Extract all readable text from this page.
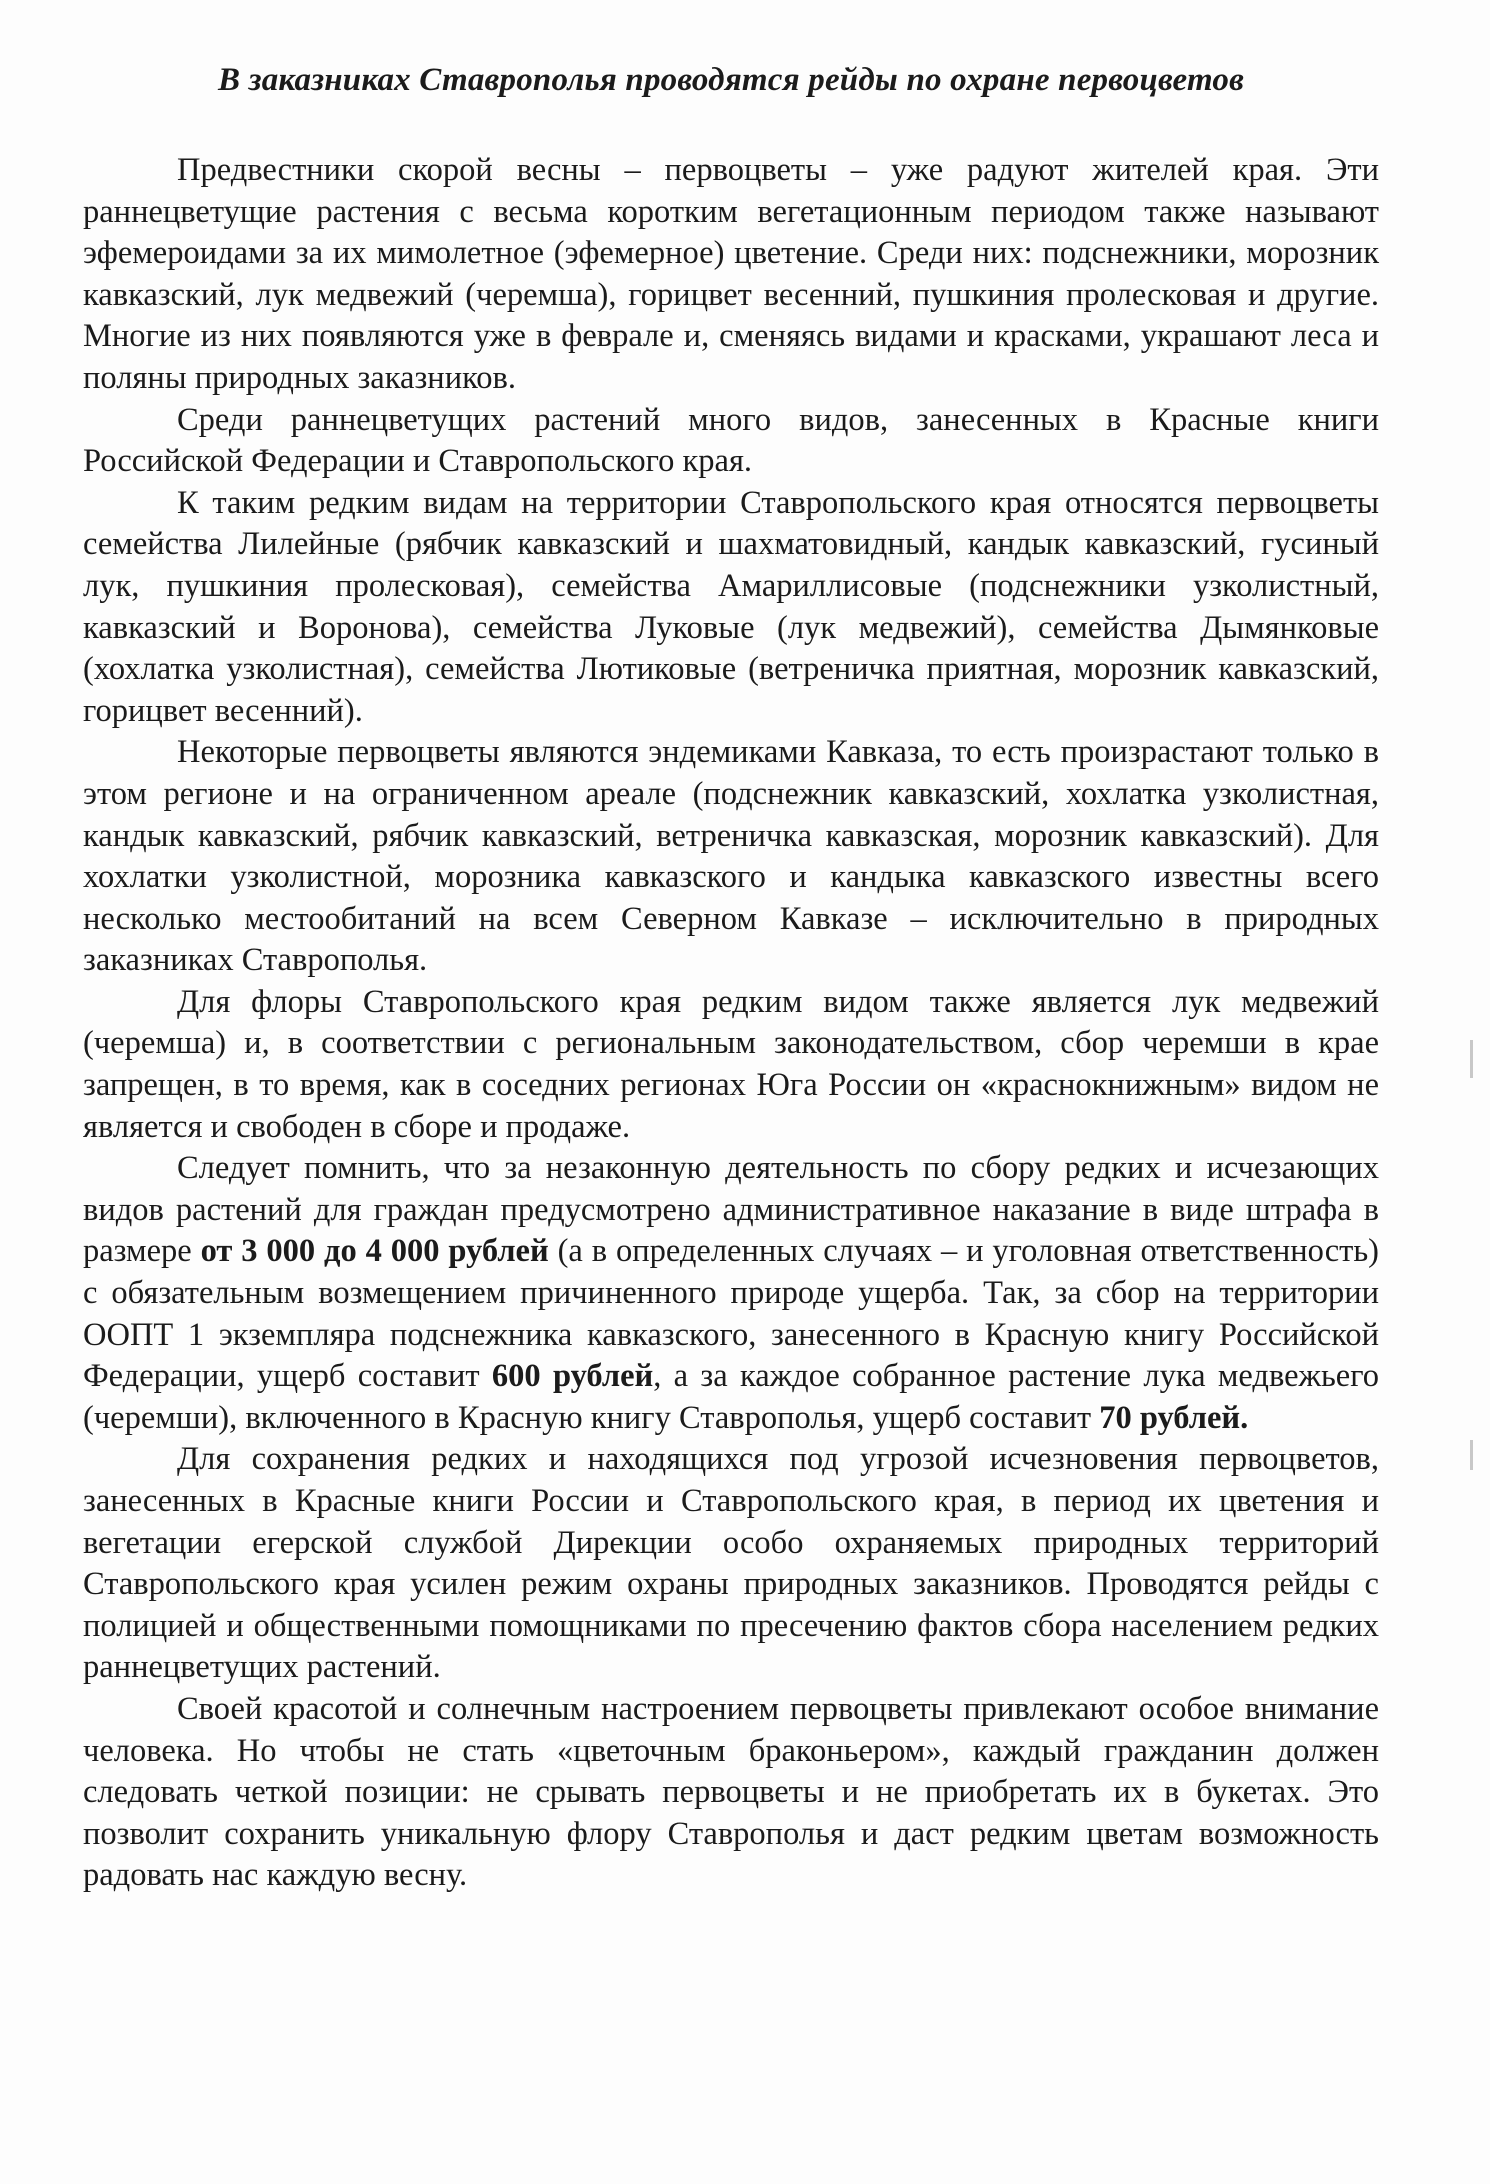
В заказниках Ставрополья проводятся рейды по охране первоцветов

Предвестники скорой весны – первоцветы – уже радуют жителей края. Эти раннецветущие растения с весьма коротким вегетационным периодом также называют эфемероидами за их мимолетное (эфемерное) цветение. Среди них: подснежники, морозник кавказский, лук медвежий (черемша), горицвет весенний, пушкиния пролесковая и другие. Многие из них появляются уже в феврале и, сменяясь видами и красками, украшают леса и поляны природных заказников.

Среди раннецветущих растений много видов, занесенных в Красные книги Российской Федерации и Ставропольского края.

К таким редким видам на территории Ставропольского края относятся первоцветы семейства Лилейные (рябчик кавказский и шахматовидный, кандык кавказский, гусиный лук, пушкиния пролесковая), семейства Амариллисовые (подснежники узколистный, кавказский и Воронова), семейства Луковые (лук медвежий), семейства Дымянковые (хохлатка узколистная), семейства Лютиковые (ветреничка приятная, морозник кавказский, горицвет весенний).

Некоторые первоцветы являются эндемиками Кавказа, то есть произрастают только в этом регионе и на ограниченном ареале (подснежник кавказский, хохлатка узколистная, кандык кавказский, рябчик кавказский, ветреничка кавказская, морозник кавказский). Для хохлатки узколистной, морозника кавказского и кандыка кавказского известны всего несколько местообитаний на всем Северном Кавказе – исключительно в природных заказниках Ставрополья.

Для флоры Ставропольского края редким видом также является лук медвежий (черемша) и, в соответствии с региональным законодательством, сбор черемши в крае запрещен, в то время, как в соседних регионах Юга России он «краснокнижным» видом не является и свободен в сборе и продаже.

Следует помнить, что за незаконную деятельность по сбору редких и исчезающих видов растений для граждан предусмотрено административное наказание в виде штрафа в размере от 3 000 до 4 000 рублей (а в определенных случаях – и уголовная ответственность) с обязательным возмещением причиненного природе ущерба. Так, за сбор на территории ООПТ 1 экземпляра подснежника кавказского, занесенного в Красную книгу Российской Федерации, ущерб составит 600 рублей, а за каждое собранное растение лука медвежьего (черемши), включенного в Красную книгу Ставрополья, ущерб составит 70 рублей.

Для сохранения редких и находящихся под угрозой исчезновения первоцветов, занесенных в Красные книги России и Ставропольского края, в период их цветения и вегетации егерской службой Дирекции особо охраняемых природных территорий Ставропольского края усилен режим охраны природных заказников. Проводятся рейды с полицией и общественными помощниками по пресечению фактов сбора населением редких раннецветущих растений.

Своей красотой и солнечным настроением первоцветы привлекают особое внимание человека. Но чтобы не стать «цветочным браконьером», каждый гражданин должен следовать четкой позиции: не срывать первоцветы и не приобретать их в букетах. Это позволит сохранить уникальную флору Ставрополья и даст редким цветам возможность радовать нас каждую весну.
